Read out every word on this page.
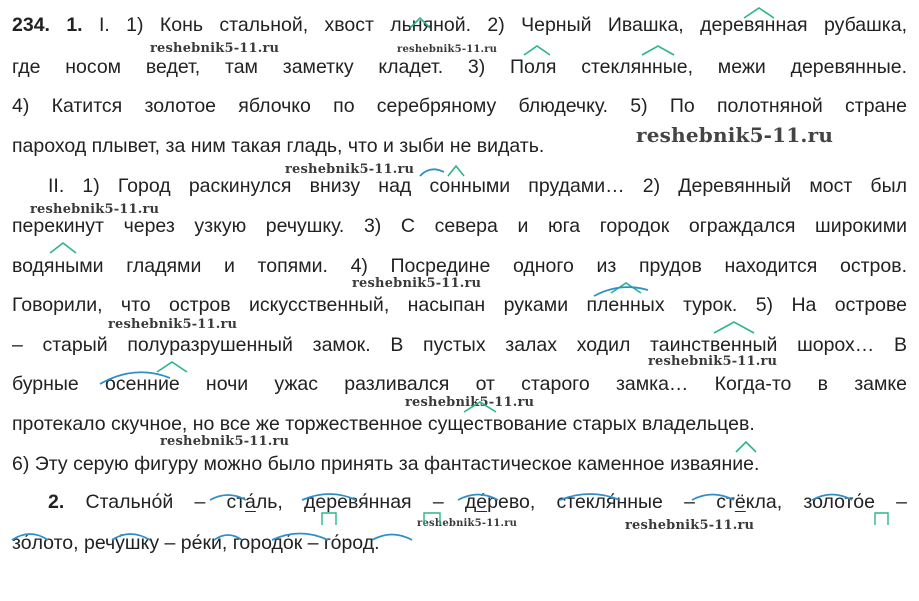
234. 1. I. 1) Конь стальной, хвост льняной. 2) Черный Ивашка, деревянная рубашка,
где носом ведет, там заметку кладет. 3) Поля стеклянные, межи деревянные.
4) Катится золотое яблочко по серебряному блюдечку. 5) По полотняной стране
пароход плывет, за ним такая гладь, что и зыби не видать.
II. 1) Город раскинулся внизу над сонными прудами… 2) Деревянный мост был
перекинут через узкую речушку. 3) С севера и юга городок ограждался широкими
водяными гладями и топями. 4) Посредине одного из прудов находится остров.
Говорили, что остров искусственный, насыпан руками пленных турок. 5) На острове
– старый полуразрушенный замок. В пустых залах ходил таинственный шорох… В
бурные осенние ночи ужас разливался от старого замка… Когда-то в замке
протекало скучное, но все же торжественное существование старых владельцев.
6) Эту серую фигуру можно было принять за фантастическое каменное изваяние.
2. Стально́й – ста́ль, деревя́нная – де́рево, стекля́нные – стёкла, золото́е –
зо́лото, речу́шку – ре́ки, городо́к – го́род.
reshebnik5-11.ru	reshebnik5-11.ru
reshebnik5-11.ru
reshebnik5-11.ru
reshebnik5-11.ru
reshebnik5-11.ru
reshebnik5-11.ru
reshebnik5-11.ru
reshebnik5-11.ru
reshebnik5-11.ru
reshebnik5-11.ru	reshebnik5-11.ru
